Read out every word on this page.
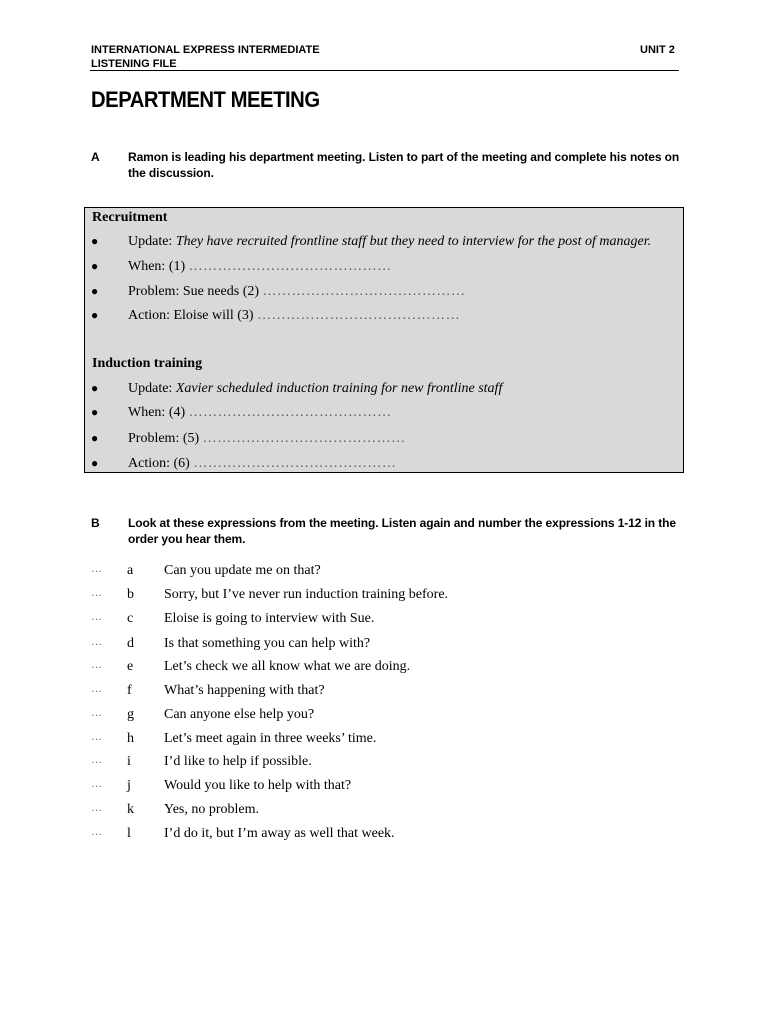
INTERNATIONAL EXPRESS INTERMEDIATE
LISTENING FILE
UNIT 2
DEPARTMENT MEETING
A Ramon is leading his department meeting. Listen to part of the meeting and complete his notes on the discussion.
Recruitment
● Update: They have recruited frontline staff but they need to interview for the post of manager.
● When: (1) ……………………………………
● Problem: Sue needs (2) ……………………………………
● Action: Eloise will (3) ……………………………………
Induction training
● Update: Xavier scheduled induction training for new frontline staff
● When: (4) ……………………………………
● Problem: (5) ……………………………………
● Action: (6) ……………………………………
B Look at these expressions from the meeting. Listen again and number the expressions 1-12 in the order you hear them.
… a Can you update me on that?
… b Sorry, but I’ve never run induction training before.
… c Eloise is going to interview with Sue.
… d Is that something you can help with?
… e Let’s check we all know what we are doing.
… f What’s happening with that?
… g Can anyone else help you?
… h Let’s meet again in three weeks’ time.
… i I’d like to help if possible.
… j Would you like to help with that?
… k Yes, no problem.
… l I’d do it, but I’m away as well that week.
